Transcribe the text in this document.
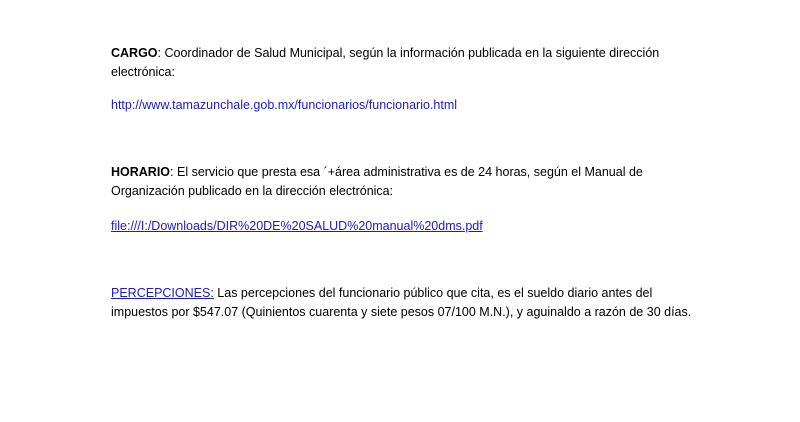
CARGO: Coordinador de Salud Municipal, según la información publicada en la siguiente dirección electrónica:

http://www.tamazunchale.gob.mx/funcionarios/funcionario.html

HORARIO: El servicio que presta esa ´+área administrativa es de 24 horas, según el Manual de Organización publicado en la dirección electrónica:

file:///I:/Downloads/DIR%20DE%20SALUD%20manual%20dms.pdf

PERCEPCIONES: Las percepciones del funcionario público que cita, es el sueldo diario antes del impuestos por $547.07 (Quinientos cuarenta y siete pesos 07/100 M.N.), y aguinaldo a razón de 30 días.
